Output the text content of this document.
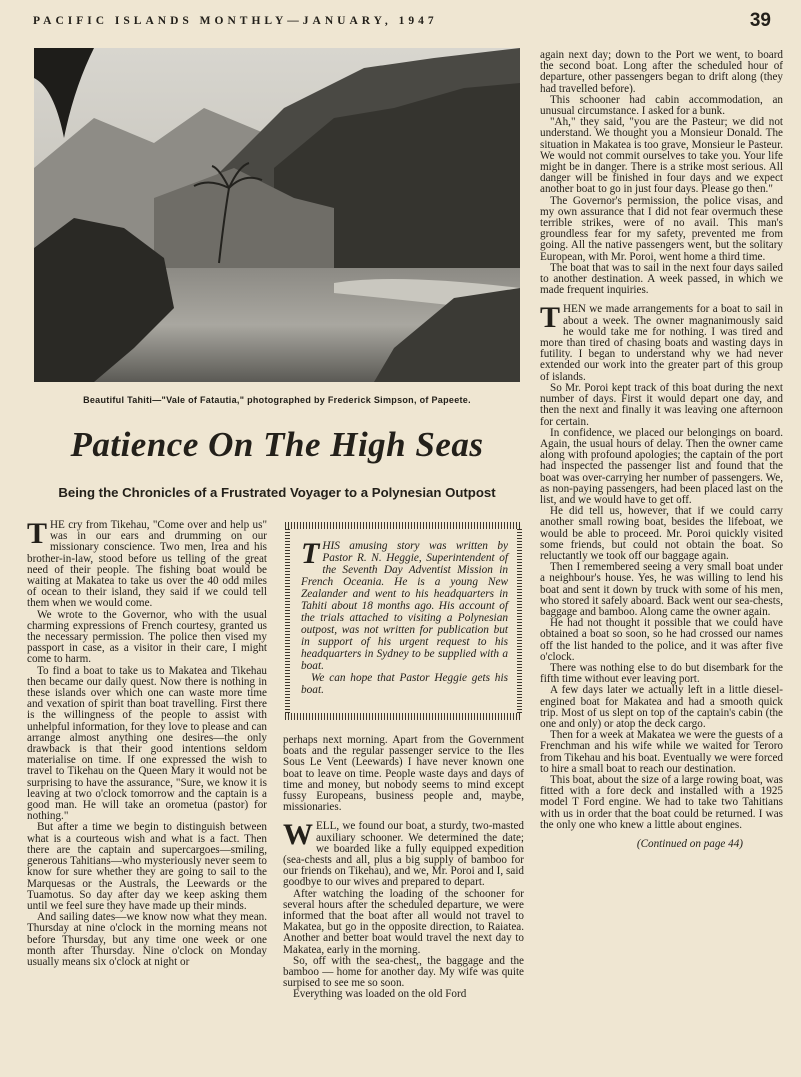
PACIFIC ISLANDS MONTHLY—JANUARY, 1947	39
Beautiful Tahiti—"Vale of Fatautia," photographed by Frederick Simpson, of Papeete.
Patience On The High Seas
Being the Chronicles of a Frustrated Voyager to a Polynesian Outpost

THE cry from Tikehau, "Come over and help us" was in our ears and drumming on our missionary conscience. Two men, Irea and his brother-in-law, stood before us telling of the great need of their people. The fishing boat would be waiting at Makatea to take us over the 40 odd miles of ocean to their island, they said if we could tell them when we would come.

We wrote to the Governor, who with the usual charming expressions of French courtesy, granted us the necessary permission. The police then vised my passport in case, as a visitor in their care, I might come to harm.

To find a boat to take us to Makatea and Tikehau then became our daily quest. Now there is nothing in these islands over which one can waste more time and vexation of spirit than boat travelling. First there is the willingness of the people to assist with unhelpful information, for they love to please and can arrange almost anything one desires—the only drawback is that their good intentions seldom materialise on time. If one expressed the wish to travel to Tikehau on the Queen Mary it would not be surprising to have the assurance, "Sure, we know it is leaving at two o'clock tomorrow and the captain is a good man. He will take an orometua (pastor) for nothing."

But after a time we begin to distinguish between what is a courteous wish and what is a fact. Then there are the captain and supercargoes—smiling, generous Tahitians—who mysteriously never seem to know for sure whether they are going to sail to the Marquesas or the Australs, the Leewards or the Tuamotus. So day after day we keep asking them until we feel sure they have made up their minds.

And sailing dates—we know now what they mean. Thursday at nine o'clock in the morning means not before Thursday, but any time one week or one month after Thursday. Nine o'clock on Monday usually means six o'clock at night or

THIS amusing story was written by Pastor R. N. Heggie, Superintendent of the Seventh Day Adventist Mission in French Oceania. He is a young New Zealander and went to his headquarters in Tahiti about 18 months ago. His account of the trials attached to visiting a Polynesian outpost, was not written for publication but in support of his urgent request to his headquarters in Sydney to be supplied with a boat.

We can hope that Pastor Heggie gets his boat.

perhaps next morning. Apart from the Government boats and the regular passenger service to the Iles Sous Le Vent (Leewards) I have never known one boat to leave on time. People waste days and days of time and money, but nobody seems to mind except fussy Europeans, business people and, maybe, missionaries.

WELL, we found our boat, a sturdy, two-masted auxiliary schooner. We determined the date; we boarded like a fully equipped expedition (sea-chests and all, plus a big supply of bamboo for our friends on Tikehau), and we, Mr. Poroi and I, said goodbye to our wives and prepared to depart.

After watching the loading of the schooner for several hours after the scheduled departure, we were informed that the boat after all would not travel to Makatea, but go in the opposite direction, to Raiatea. Another and better boat would travel the next day to Makatea, early in the morning.

So, off with the sea-chest,, the baggage and the bamboo — home for another day. My wife was quite surpised to see me so soon.

Everything was loaded on the old Ford

again next day; down to the Port we went, to board the second boat. Long after the scheduled hour of departure, other passengers began to drift along (they had travelled before).

This schooner had cabin accommodation, an unusual circumstance. I asked for a bunk.

"Ah," they said, "you are the Pasteur; we did not understand. We thought you a Monsieur Donald. The situation in Makatea is too grave, Monsieur le Pasteur. We would not commit ourselves to take you. Your life might be in danger. There is a strike most serious. All danger will be finished in four days and we expect another boat to go in just four days. Please go then."

The Governor's permission, the police visas, and my own assurance that I did not fear overmuch these terrible strikes, were of no avail. This man's groundless fear for my safety, prevented me from going. All the native passengers went, but the solitary European, with Mr. Poroi, went home a third time.

The boat that was to sail in the next four days sailed to another destination. A week passed, in which we made frequent inquiries.

THEN we made arrangements for a boat to sail in about a week. The owner magnanimously said he would take me for nothing. I was tired and more than tired of chasing boats and wasting days in futility. I began to understand why we had never extended our work into the greater part of this group of islands.

So Mr. Poroi kept track of this boat during the next number of days. First it would depart one day, and then the next and finally it was leaving one afternoon for certain.

In confidence, we placed our belongings on board. Again, the usual hours of delay. Then the owner came along with profound apologies; the captain of the port had inspected the passenger list and found that the boat was over-carrying her number of passengers. We, as non-paying passengers, had been placed last on the list, and we would have to get off.

He did tell us, however, that if we could carry another small rowing boat, besides the lifeboat, we would be able to proceed. Mr. Poroi quickly visited some friends, but could not obtain the boat. So reluctantly we took off our baggage again.

Then I remembered seeing a very small boat under a neighbour's house. Yes, he was willing to lend his boat and sent it down by truck with some of his men, who stored it safely aboard. Back went our sea-chests, baggage and bamboo. Along came the owner again.

He had not thought it possible that we could have obtained a boat so soon, so he had crossed our names off the list handed to the police, and it was after five o'clock.

There was nothing else to do but disembark for the fifth time without ever leaving port.

A few days later we actually left in a little diesel-engined boat for Makatea and had a smooth quick trip. Most of us slept on top of the captain's cabin (the one and only) or atop the deck cargo.

Then for a week at Makatea we were the guests of a Frenchman and his wife while we waited for Teroro from Tikehau and his boat. Eventually we were forced to hire a small boat to reach our destination.

This boat, about the size of a large rowing boat, was fitted with a fore deck and installed with a 1925 model T Ford engine. We had to take two Tahitians with us in order that the boat could be returned. I was the only one who knew a little about engines.

(Continued on page 44)
